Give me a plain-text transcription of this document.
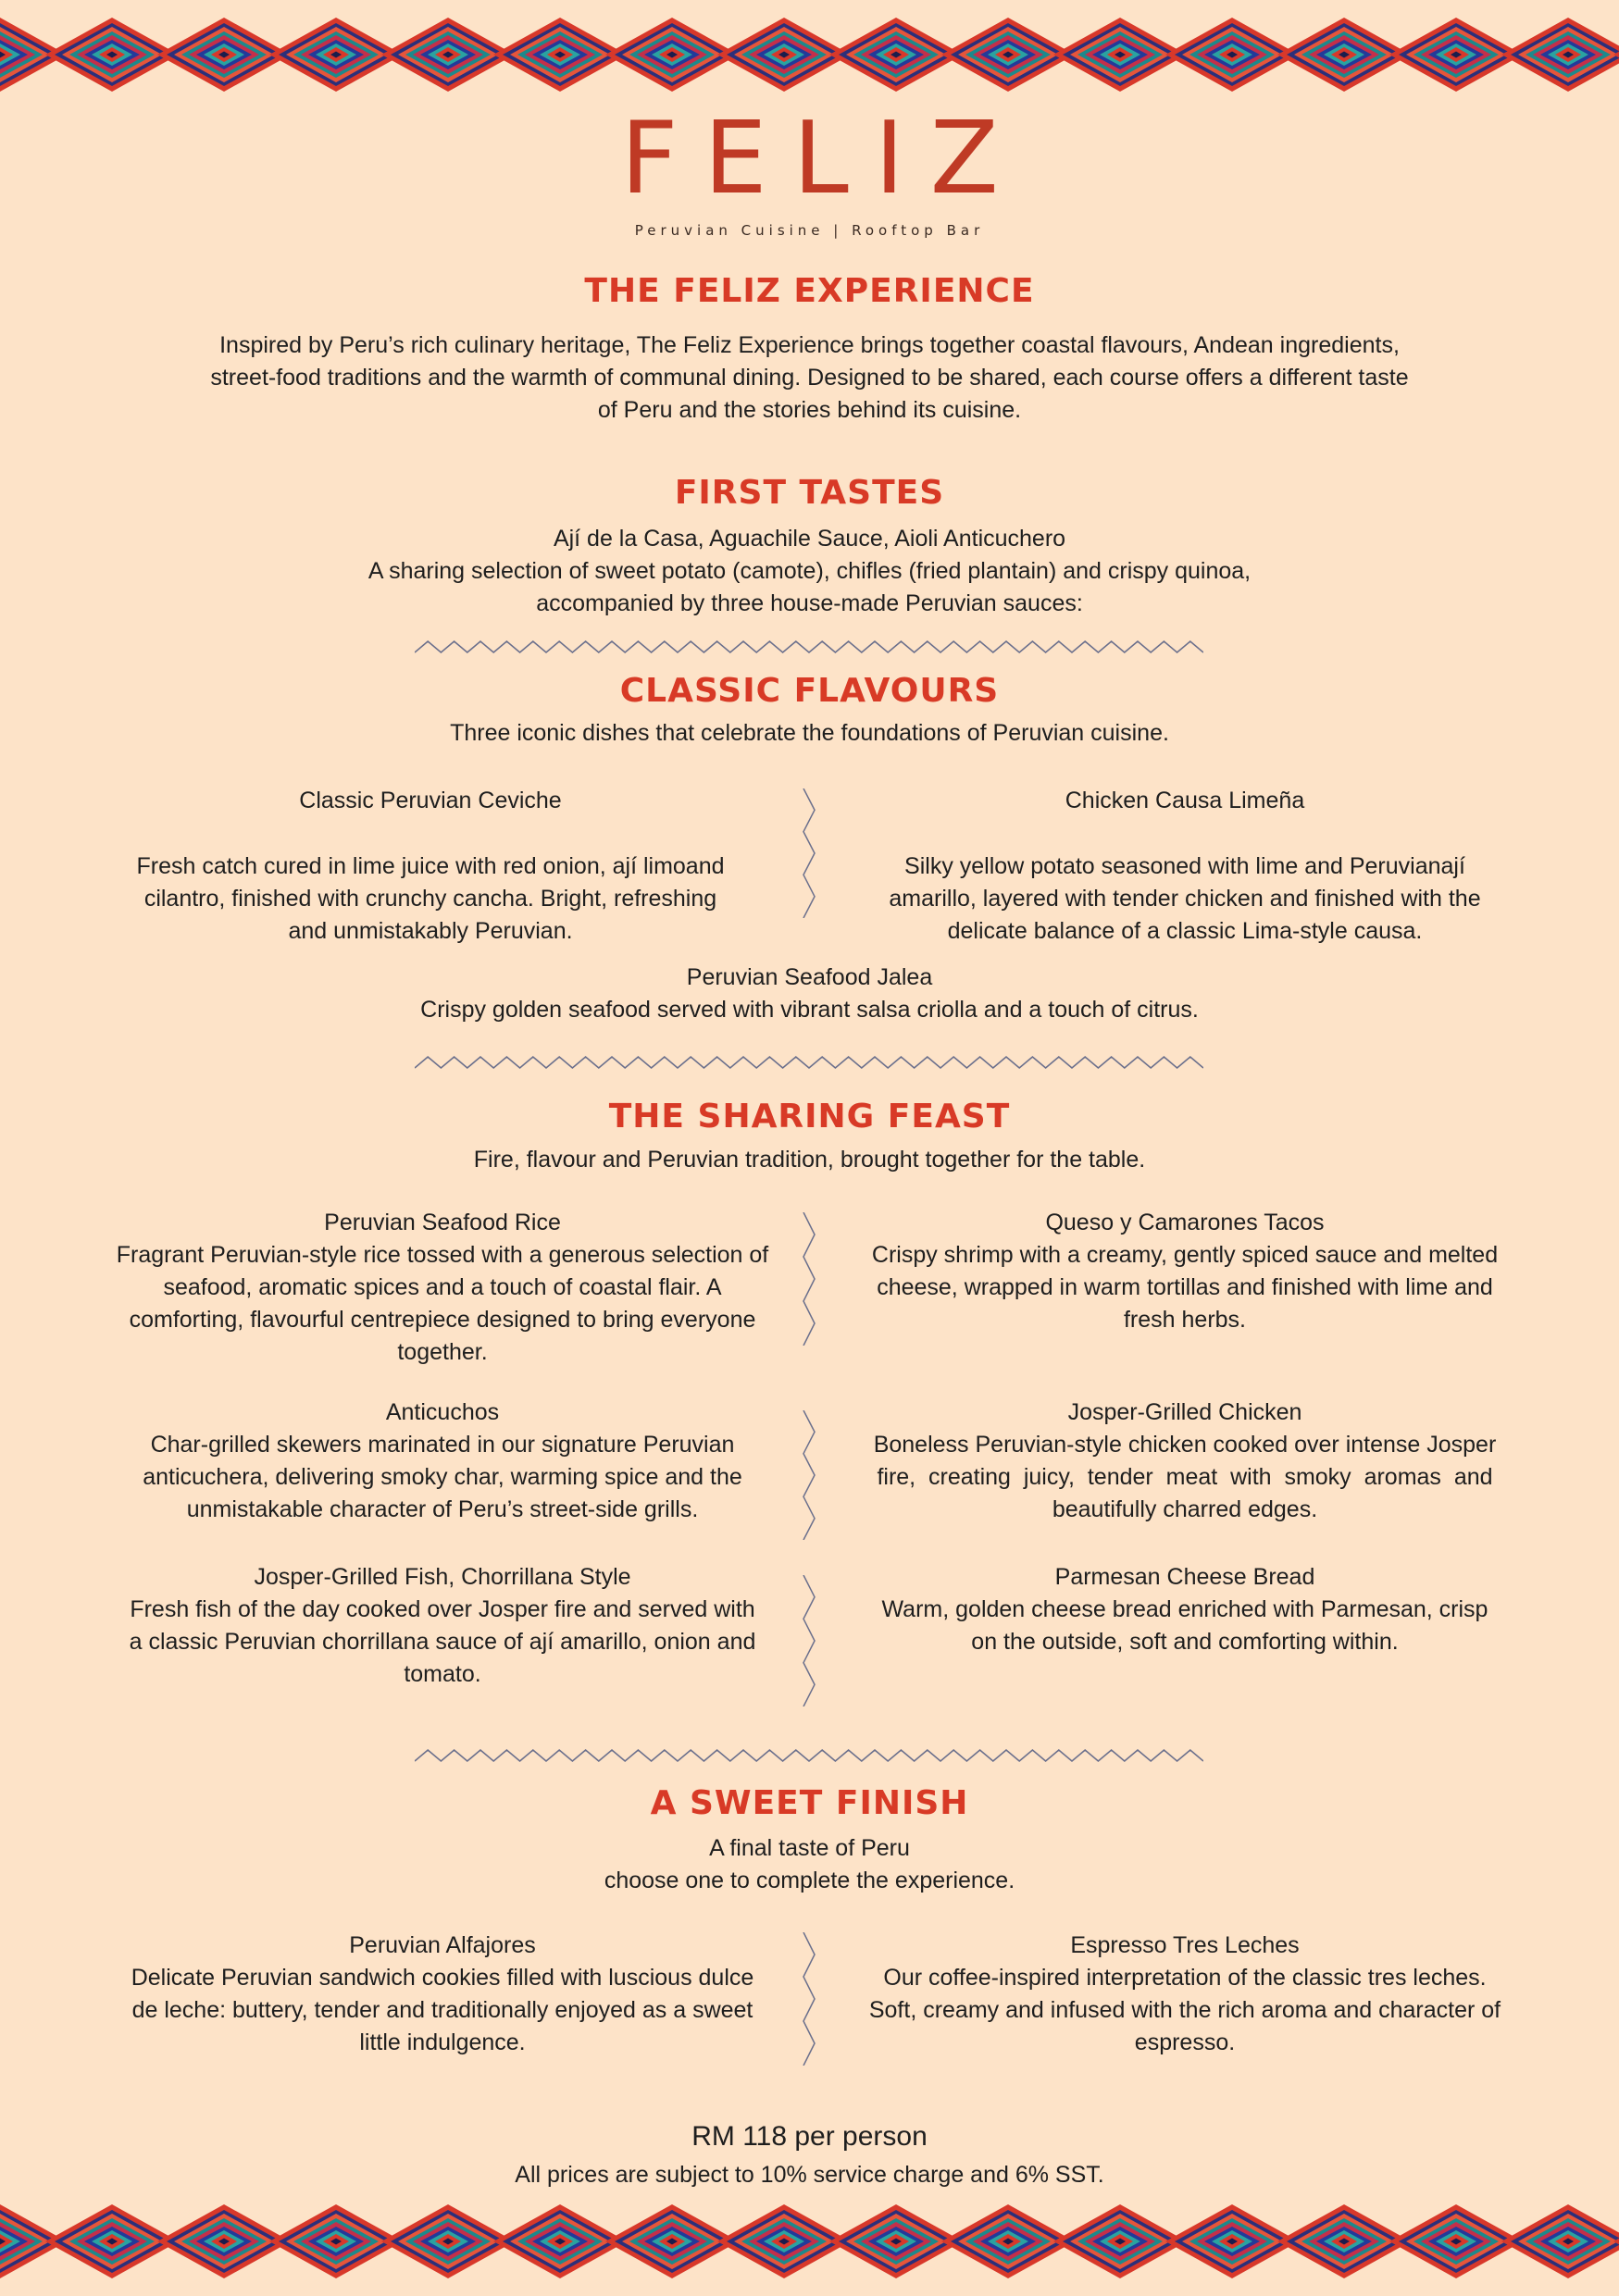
FELIZ
Peruvian Cuisine | Rooftop Bar
THE FELIZ EXPERIENCE
Inspired by Peru’s rich culinary heritage, The Feliz Experience brings together coastal flavours, Andean ingredients,
street-food traditions and the warmth of communal dining. Designed to be shared, each course offers a different taste
of Peru and the stories behind its cuisine.
FIRST TASTES
Ají de la Casa, Aguachile Sauce, Aioli Anticuchero
A sharing selection of sweet potato (camote), chifles (fried plantain) and crispy quinoa,
accompanied by three house-made Peruvian sauces:
CLASSIC FLAVOURS
Three iconic dishes that celebrate the foundations of Peruvian cuisine.
Classic Peruvian Ceviche
Fresh catch cured in lime juice with red onion, ají limoand
cilantro, finished with crunchy cancha. Bright, refreshing
and unmistakably Peruvian.
Chicken Causa Limeña
Silky yellow potato seasoned with lime and Peruvianají
amarillo, layered with tender chicken and finished with the
delicate balance of a classic Lima-style causa.
Peruvian Seafood Jalea
Crispy golden seafood served with vibrant salsa criolla and a touch of citrus.
THE SHARING FEAST
Fire, flavour and Peruvian tradition, brought together for the table.
Peruvian Seafood Rice
Fragrant Peruvian-style rice tossed with a generous selection of
seafood, aromatic spices and a touch of coastal flair. A
comforting, flavourful centrepiece designed to bring everyone
together.
Queso y Camarones Tacos
Crispy shrimp with a creamy, gently spiced sauce and melted
cheese, wrapped in warm tortillas and finished with lime and
fresh herbs.
Anticuchos
Char-grilled skewers marinated in our signature Peruvian
anticuchera, delivering smoky char, warming spice and the
unmistakable character of Peru’s street-side grills.
Josper-Grilled Chicken
Boneless Peruvian-style chicken cooked over intense Josper
fire,  creating  juicy,  tender  meat  with  smoky  aromas  and
beautifully charred edges.
Josper-Grilled Fish, Chorrillana Style
Fresh fish of the day cooked over Josper fire and served with
a classic Peruvian chorrillana sauce of ají amarillo, onion and
tomato.
Parmesan Cheese Bread
Warm, golden cheese bread enriched with Parmesan, crisp
on the outside, soft and comforting within.
A SWEET FINISH
A final taste of Peru
choose one to complete the experience.
Peruvian Alfajores
Delicate Peruvian sandwich cookies filled with luscious dulce
de leche: buttery, tender and traditionally enjoyed as a sweet
little indulgence.
Espresso Tres Leches
Our coffee-inspired interpretation of the classic tres leches.
Soft, creamy and infused with the rich aroma and character of
espresso.
RM 118 per person
All prices are subject to 10% service charge and 6% SST.
